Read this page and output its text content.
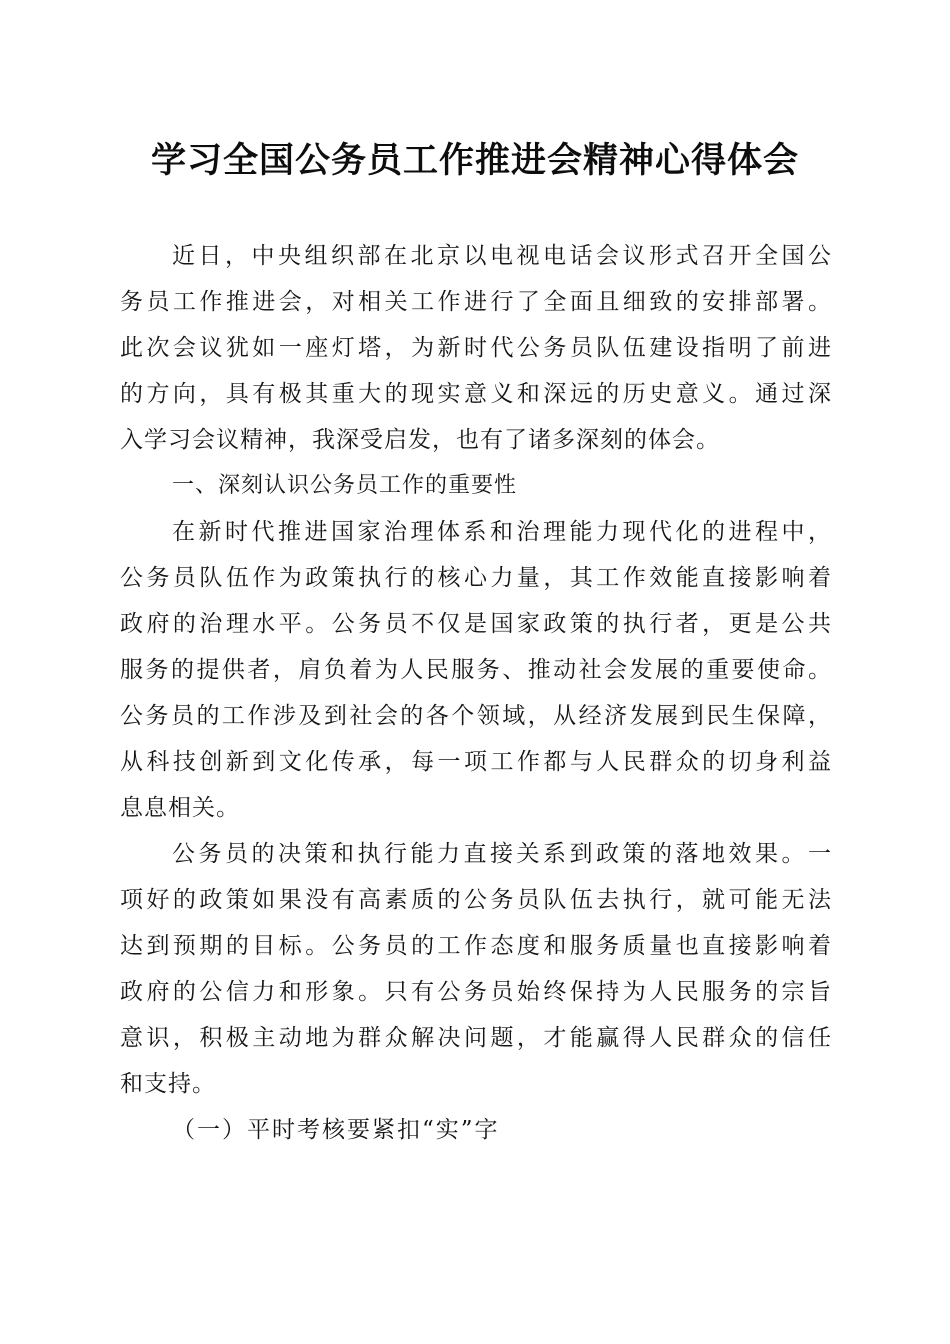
学习全国公务员工作推进会精神心得体会
近日，中央组织部在北京以电视电话会议形式召开全国公
务员工作推进会，对相关工作进行了全面且细致的安排部署。
此次会议犹如一座灯塔，为新时代公务员队伍建设指明了前进
的方向，具有极其重大的现实意义和深远的历史意义。通过深
入学习会议精神，我深受启发，也有了诸多深刻的体会。
一、深刻认识公务员工作的重要性
在新时代推进国家治理体系和治理能力现代化的进程中，
公务员队伍作为政策执行的核心力量，其工作效能直接影响着
政府的治理水平。公务员不仅是国家政策的执行者，更是公共
服务的提供者，肩负着为人民服务、推动社会发展的重要使命。
公务员的工作涉及到社会的各个领域，从经济发展到民生保障，
从科技创新到文化传承，每一项工作都与人民群众的切身利益
息息相关。
公务员的决策和执行能力直接关系到政策的落地效果。一
项好的政策如果没有高素质的公务员队伍去执行，就可能无法
达到预期的目标。公务员的工作态度和服务质量也直接影响着
政府的公信力和形象。只有公务员始终保持为人民服务的宗旨
意识，积极主动地为群众解决问题，才能赢得人民群众的信任
和支持。
（一）平时考核要紧扣“实”字
